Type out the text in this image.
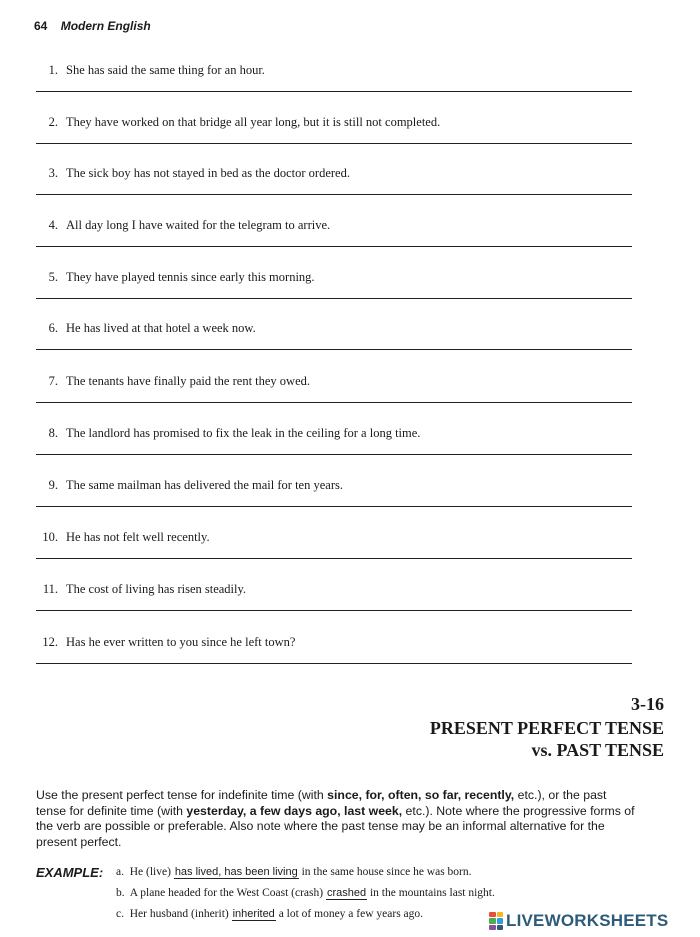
64 Modern English
1. She has said the same thing for an hour.
2. They have worked on that bridge all year long, but it is still not completed.
3. The sick boy has not stayed in bed as the doctor ordered.
4. All day long I have waited for the telegram to arrive.
5. They have played tennis since early this morning.
6. He has lived at that hotel a week now.
7. The tenants have finally paid the rent they owed.
8. The landlord has promised to fix the leak in the ceiling for a long time.
9. The same mailman has delivered the mail for ten years.
10. He has not felt well recently.
11. The cost of living has risen steadily.
12. Has he ever written to you since he left town?
3-16
PRESENT PERFECT TENSE
vs. PAST TENSE
Use the present perfect tense for indefinite time (with since, for, often, so far, recently, etc.), or the past tense for definite time (with yesterday, a few days ago, last week, etc.). Note where the progressive forms of the verb are possible or preferable. Also note where the past tense may be an informal alternative for the present perfect.
EXAMPLE: a. He (live) has lived, has been living in the same house since he was born.
b. A plane headed for the West Coast (crash) crashed in the mountains last night.
c. Her husband (inherit) inherited a lot of money a few years ago.	LIVEWORKSHEETS
